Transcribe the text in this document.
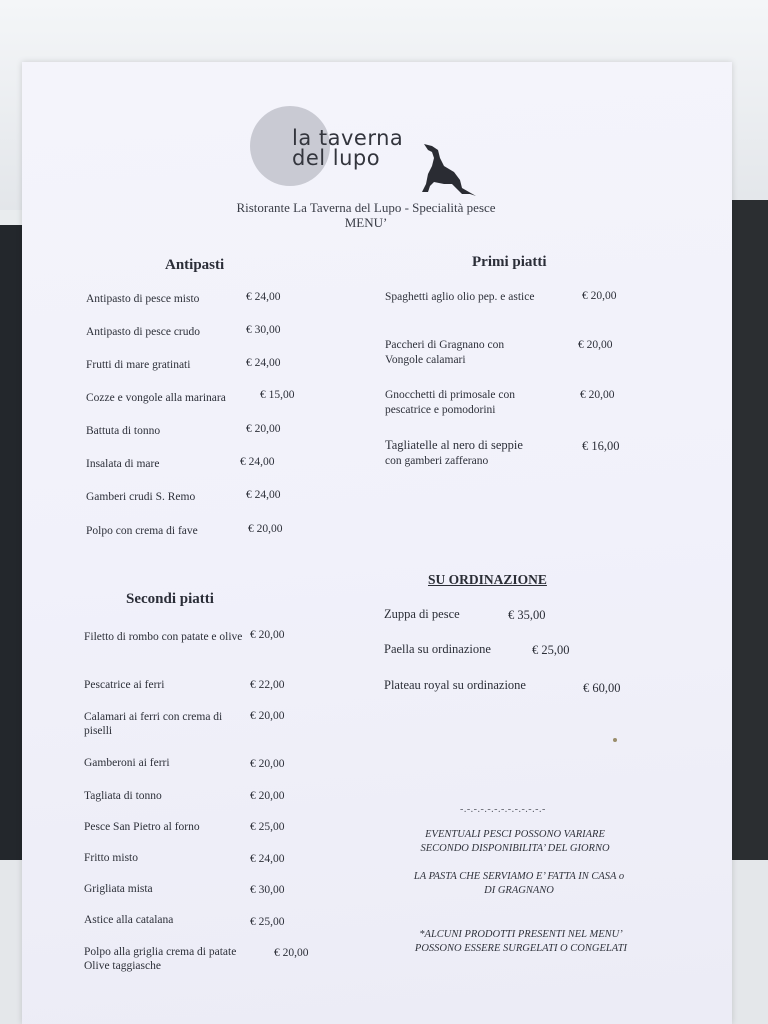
la taverna
del lupo
Ristorante La Taverna del Lupo - Specialità pesce
MENU’
Antipasti
Antipasto di pesce misto	€ 24,00
Antipasto di pesce crudo	€ 30,00
Frutti di mare gratinati	€ 24,00
Cozze e vongole alla marinara	€ 15,00
Battuta di tonno	€ 20,00
Insalata di mare	€ 24,00
Gamberi crudi S. Remo	€ 24,00
Polpo con crema di fave	€ 20,00
Secondi piatti
Filetto di rombo con patate e olive € 20,00
Pescatrice ai ferri	€ 22,00
Calamari ai ferri con crema di piselli
€ 20,00
Gamberoni ai ferri	€ 20,00
Tagliata di tonno	€ 20,00
Pesce San Pietro al forno	€ 25,00
Fritto misto	€ 24,00
Grigliata mista	€ 30,00
Astice alla catalana	€ 25,00
Polpo alla griglia crema di patate	€ 20,00
Olive taggiasche
Primi piatti
Spaghetti aglio olio pep. e astice	€ 20,00
Paccheri di Gragnano con
Vongole calamari
€ 20,00
Gnocchetti di primosale con
pescatrice e pomodorini
€ 20,00
Tagliatelle al nero di seppie
con gamberi zafferano
€ 16,00
SU ORDINAZIONE
Zuppa di pesce	€ 35,00
Paella su ordinazione	€ 25,00
Plateau royal su ordinazione	€ 60,00
-.-.-.-.-.-.-.-.-.-.-.-.-
EVENTUALI PESCI POSSONO VARIARE
SECONDO DISPONIBILITA’ DEL GIORNO
LA PASTA CHE SERVIAMO E’ FATTA IN CASA o
DI GRAGNANO
*ALCUNI PRODOTTI PRESENTI NEL MENU’
POSSONO ESSERE SURGELATI O CONGELATI
